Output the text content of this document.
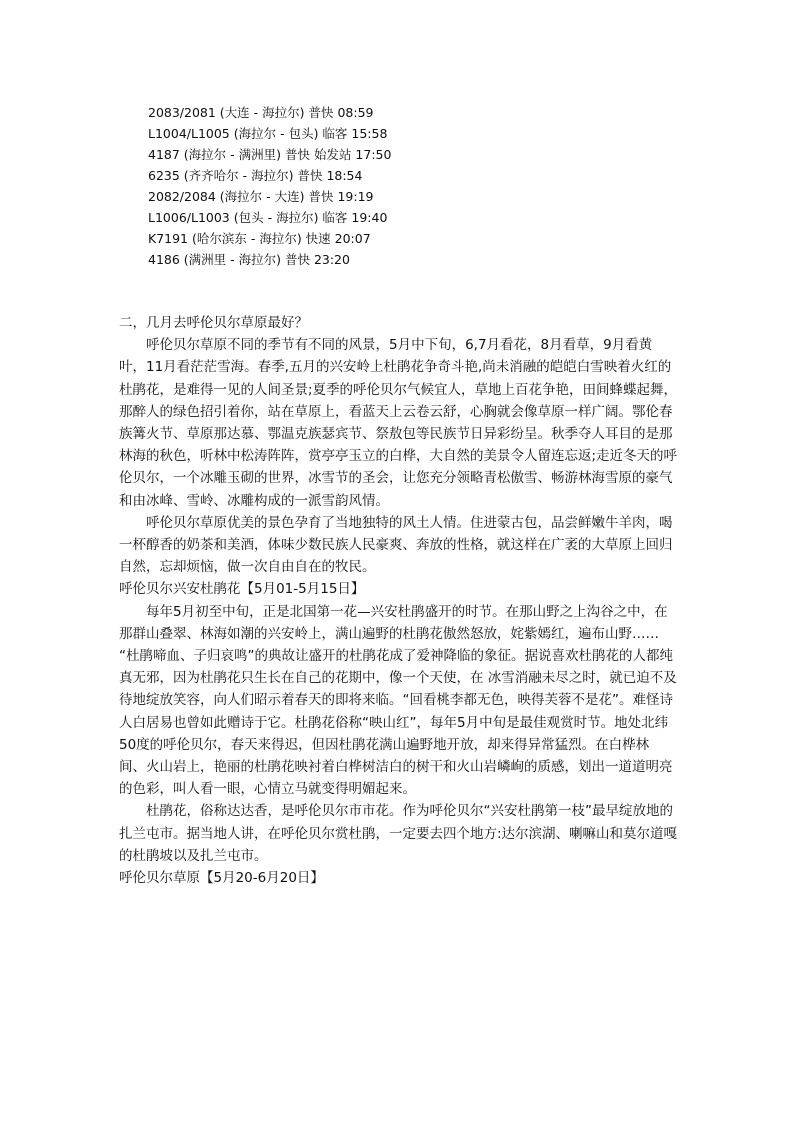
2083/2081 (大连 - 海拉尔) 普快 08:59
L1004/L1005 (海拉尔 - 包头) 临客 15:58
4187 (海拉尔 - 满洲里) 普快 始发站 17:50
6235 (齐齐哈尔 - 海拉尔) 普快 18:54
2082/2084 (海拉尔 - 大连) 普快 19:19
L1006/L1003 (包头 - 海拉尔) 临客 19:40
K7191 (哈尔滨东 - 海拉尔) 快速 20:07
4186 (满洲里 - 海拉尔) 普快 23:20
二，几月去呼伦贝尔草原最好？
呼伦贝尔草原不同的季节有不同的风景，5月中下旬，6,7月看花，8月看草，9月看黄叶，11月看茫茫雪海。春季,五月的兴安岭上杜鹃花争奇斗艳,尚未消融的皑皑白雪映着火红的杜鹃花，是难得一见的人间圣景;夏季的呼伦贝尔气候宜人，草地上百花争艳，田间蜂蝶起舞，那醉人的绿色招引着你，站在草原上，看蓝天上云卷云舒，心胸就会像草原一样广阔。鄂伦春族篝火节、草原那达慕、鄂温克族瑟宾节、祭敖包等民族节日异彩纷呈。秋季夺人耳目的是那林海的秋色，听林中松涛阵阵，赏亭亭玉立的白桦，大自然的美景令人留连忘返;走近冬天的呼伦贝尔，一个冰雕玉砌的世界，冰雪节的圣会，让您充分领略青松傲雪、畅游林海雪原的豪气和由冰峰、雪岭、冰雕构成的一派雪韵风情。
呼伦贝尔草原优美的景色孕育了当地独特的风土人情。住进蒙古包，品尝鲜嫩牛羊肉，喝一杯醇香的奶茶和美酒，体味少数民族人民豪爽、奔放的性格，就这样在广袤的大草原上回归自然，忘却烦恼，做一次自由自在的牧民。
呼伦贝尔兴安杜鹃花【5月01-5月15日】
每年5月初至中旬，正是北国第一花—兴安杜鹃盛开的时节。在那山野之上沟谷之中，在那群山叠翠、林海如潮的兴安岭上，满山遍野的杜鹃花傲然怒放，姹紫嫣红，遍布山野……
“杜鹃啼血、子归哀鸣”的典故让盛开的杜鹃花成了爱神降临的象征。据说喜欢杜鹃花的人都纯真无邪，因为杜鹃花只生长在自己的花期中，像一个天使，在 冰雪消融未尽之时，就已迫不及待地绽放笑容，向人们昭示着春天的即将来临。“回看桃李都无色，映得芙蓉不是花”。难怪诗人白居易也曾如此赠诗于它。杜鹃花俗称“映山红”，每年5月中旬是最佳观赏时节。地处北纬50度的呼伦贝尔，春天来得迟，但因杜鹃花满山遍野地开放，却来得异常猛烈。在白桦林 间、火山岩上，艳丽的杜鹃花映衬着白桦树洁白的树干和火山岩嶙峋的质感，划出一道道明亮的色彩，叫人看一眼，心情立马就变得明媚起来。
杜鹃花，俗称达达香，是呼伦贝尔市市花。作为呼伦贝尔“兴安杜鹃第一枝”最早绽放地的扎兰屯市。据当地人讲，在呼伦贝尔赏杜鹃，一定要去四个地方:达尔滨湖、喇嘛山和莫尔道嘎的杜鹃坡以及扎兰屯市。
呼伦贝尔草原【5月20-6月20日】
